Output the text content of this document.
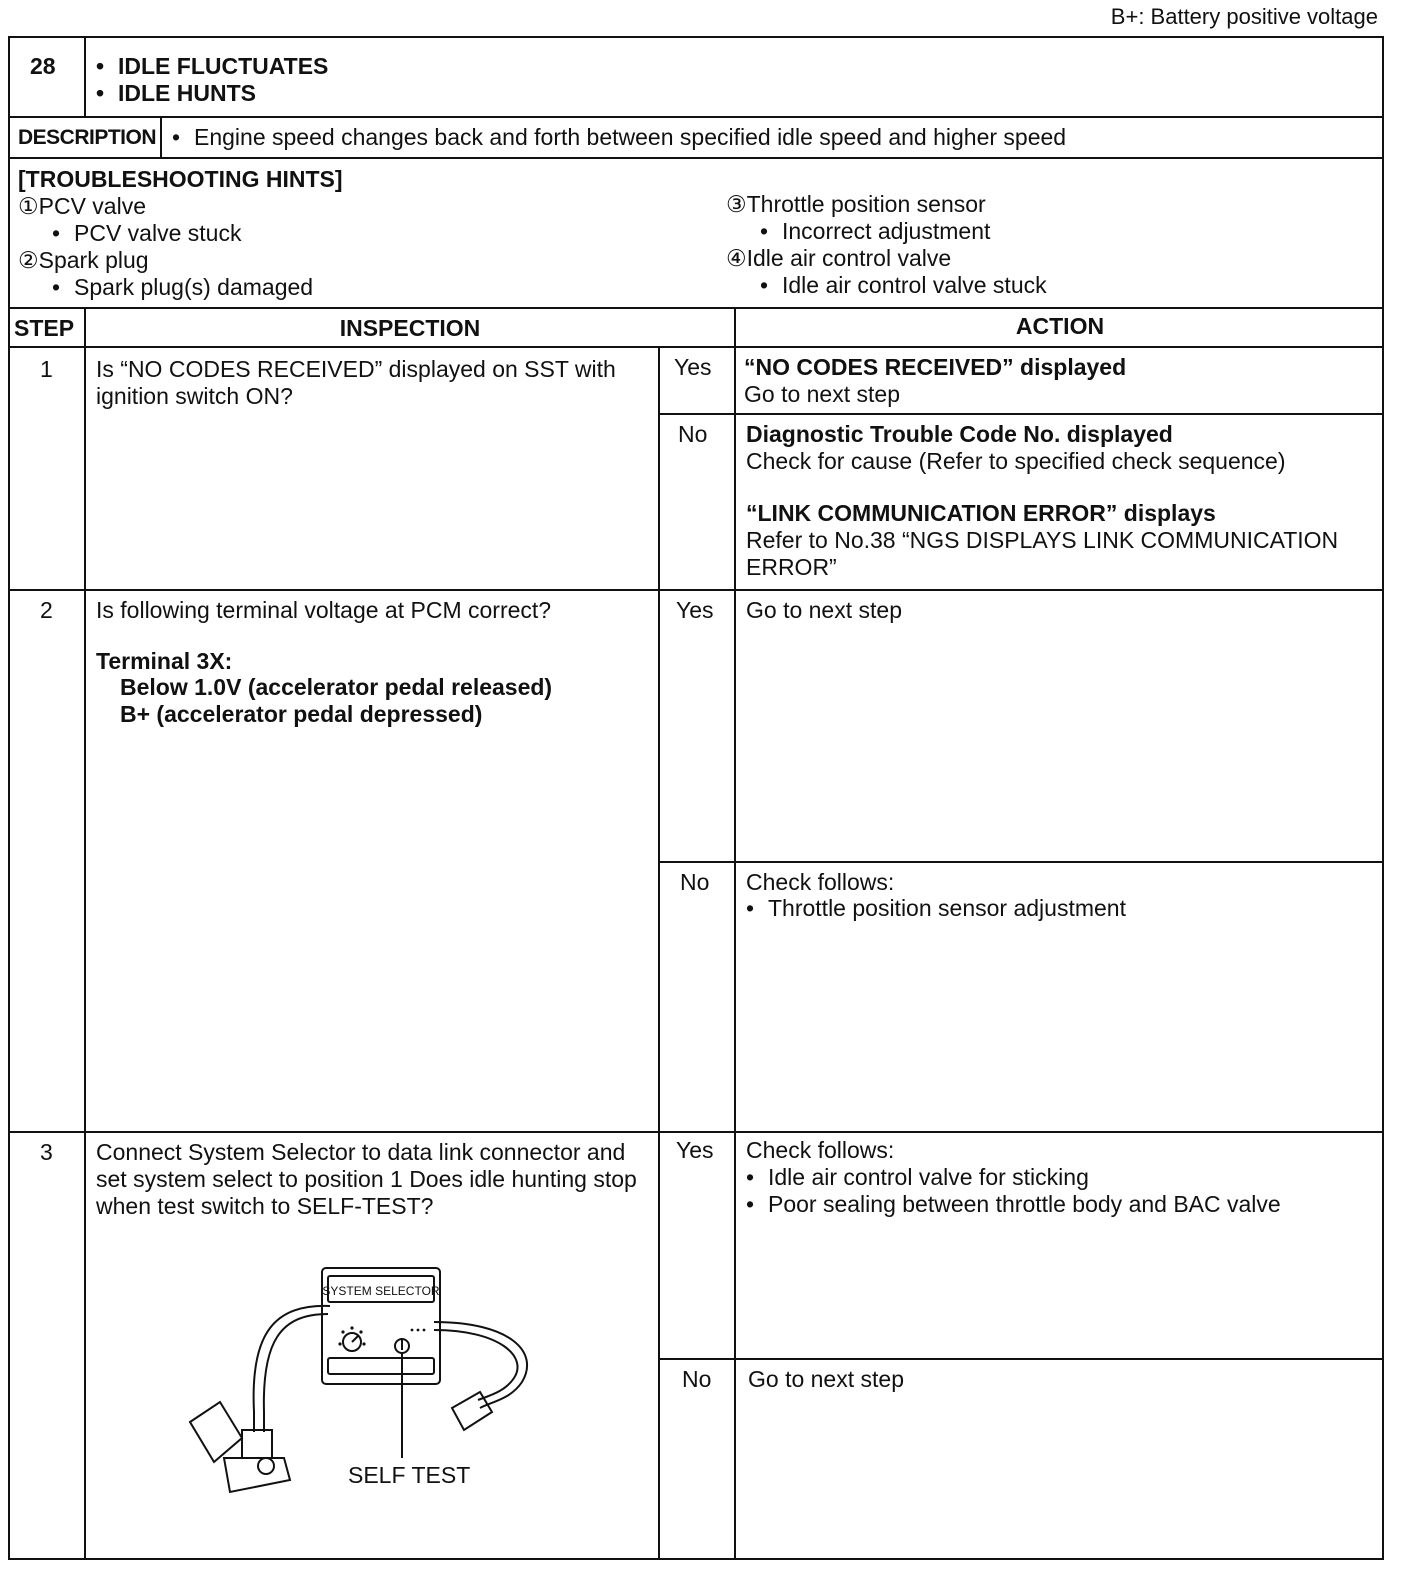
B+: Battery positive voltage
28	• IDLE FLUCTUATES
• IDLE HUNTS
DESCRIPTION	• Engine speed changes back and forth between specified idle speed and higher speed
[TROUBLESHOOTING HINTS]
①PCV valve
• PCV valve stuck
②Spark plug
• Spark plug(s) damaged
③Throttle position sensor
• Incorrect adjustment
④Idle air control valve
• Idle air control valve stuck
STEP	INSPECTION	ACTION
1 Is “NO CODES RECEIVED” displayed on SST with ignition switch ON?
Yes “NO CODES RECEIVED” displayed
Go to next step
No Diagnostic Trouble Code No. displayed
Check for cause (Refer to specified check sequence)
“LINK COMMUNICATION ERROR” displays
Refer to No.38 “NGS DISPLAYS LINK COMMUNICATION ERROR”
2 Is following terminal voltage at PCM correct?
Terminal 3X:
Below 1.0V (accelerator pedal released)
B+ (accelerator pedal depressed)
Yes Go to next step
No Check follows:
• Throttle position sensor adjustment
3 Connect System Selector to data link connector and set system select to position 1 Does idle hunting stop when test switch to SELF-TEST?
Yes Check follows:
• Idle air control valve for sticking
• Poor sealing between throttle body and BAC valve
No Go to next step
SYSTEM SELECTOR
SELF TEST
